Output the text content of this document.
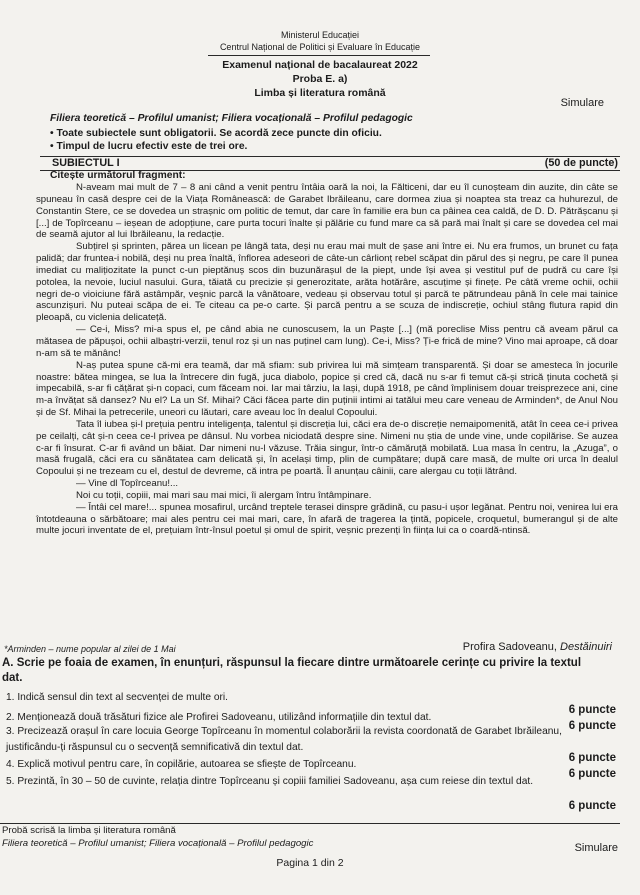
Ministerul Educației
Centrul Național de Politici și Evaluare în Educație
Examenul național de bacalaureat 2022
Proba E. a)
Limba și literatura română
Simulare
Filiera teoretică – Profilul umanist; Filiera vocațională – Profilul pedagogic
• Toate subiectele sunt obligatorii. Se acordă zece puncte din oficiu.
• Timpul de lucru efectiv este de trei ore.
SUBIECTUL I	(50 de puncte)
Citește următorul fragment:

N-aveam mai mult de 7 – 8 ani când a venit pentru întâia oară la noi, la Fălticeni, dar eu îl cunoșteam din auzite, din câte se spuneau în casă despre cei de la Viața Românească: de Garabet Ibrăileanu, care dormea ziua și noaptea sta treaz ca huhurezul, de Constantin Stere, ce se dovedea un strașnic om politic de temut, dar care în familie era bun ca pâinea cea caldă, de D. D. Pătrășcanu și [...] de Topîrceanu – ieșean de adopțiune, care purta tocuri înalte și pălărie cu fund mare ca să pară mai înalt și care se dovedea cel mai de seamă ajutor al lui Ibrăileanu, la redacție.

Subțirel și sprinten, părea un licean pe lângă tata, deși nu erau mai mult de șase ani între ei. Nu era frumos, un brunet cu fața palidă; dar fruntea-i nobilă, deși nu prea înaltă, înflorea adeseori de câte-un cârlionț rebel scăpat din părul des și negru, pe care îl punea imediat cu malițiozitate la punct c-un pieptănuș scos din buzunărașul de la piept, unde își avea și vestitul puf de pudră cu care își potolea, la nevoie, luciul nasului. Gura, tăiată cu precizie și generozitate, arăta hotărâre, ascuțime și finețe. Pe câtă vreme ochii, ochii negri de-o vioiciune fără astâmpăr, veșnic parcă la vânătoare, vedeau și observau totul și parcă te pătrundeau până în cele mai tainice ascunzișuri. Nu puteai scăpa de ei. Te citeau ca pe-o carte. Și parcă pentru a se scuza de indiscreție, ochiul stâng flutura rapid din pleoapă, cu viclenia delicateță.

— Ce-i, Miss? mi-a spus el, pe când abia ne cunoscusem, la un Paște [...] (mă poreclise Miss pentru că aveam părul ca mătasea de păpușoi, ochii albaștri-verzii, tenul roz și un nas puținel cam lung). Ce-i, Miss? Ți-e frică de mine? Vino mai aproape, că doar n-am să te mănânc!

N-aș putea spune că-mi era teamă, dar mă sfiam: sub privirea lui mă simțeam transparentă. Și doar se amesteca în jocurile noastre: bătea mingea, se lua la întrecere din fugă, juca diabolo, popice și cred că, dacă nu s-ar fi temut că-și strică ținuta cochetă și impecabilă, s-ar fi cățărat și-n copaci, cum făceam noi. Iar mai târziu, la Iași, după 1918, pe când împlinisem douar treisprezece ani, cine m-a învățat să dansez? Nu el? La un Sf. Mihai? Căci făcea parte din puținii intimi ai tatălui meu care veneau de Arminden*, de Anul Nou și de Sf. Mihai la petrecerile, uneori cu lăutari, care aveau loc în dealul Copoului.

Tata îl iubea și-l prețuia pentru inteligența, talentul și discreția lui, căci era de-o discreție nemaipomenită, atât în ceea ce-i privea pe ceilalți, cât și-n ceea ce-l privea pe dânsul. Nu vorbea niciodată despre sine. Nimeni nu știa de unde vine, unde copilărise. Se auzea c-ar fi însurat. C-ar fi având un băiat. Dar nimeni nu-l văzuse. Trăia singur, într-o cămăruță mobilată. Lua masa în centru, la „Azuga”, o masă frugală, căci era cu sănătatea cam delicată și, în același timp, plin de cumpătare; după care masă, de multe ori urca în dealul Copoului și ne trezeam cu el, destul de devreme, că intra pe poartă. Îl anunțau câinii, care alergau cu toții lătrând.

— Vine dl Topîrceanu!...

Noi cu toții, copiii, mai mari sau mai mici, îi alergam întru întâmpinare.

— Întâi cel mare!... spunea mosafirul, urcând treptele terasei dinspre grădină, cu pasu-i ușor legănat. Pentru noi, venirea lui era întotdeauna o sărbătoare; mai ales pentru cei mai mari, care, în afară de tragerea la țintă, popicele, croquetul, bumerangul și de alte multe jocuri inventate de el, prețuiam într-însul poetul și omul de spirit, veșnic prezenți în ființa lui ca o coardă-ntinsă.

*Arminden – nume popular al zilei de 1 Mai	Profira Sadoveanu, Destăinuiri
A. Scrie pe foaia de examen, în enunțuri, răspunsul la fiecare dintre următoarele cerințe cu privire la textul dat.
1. Indică sensul din text al secvenței de multe ori.
6 puncte
2. Menționează două trăsături fizice ale Profirei Sadoveanu, utilizând informațiile din textul dat.
6 puncte
3. Precizează orașul în care locuia George Topîrceanu în momentul colaborării la revista coordonată de Garabet Ibrăileanu, justificându-ți răspunsul cu o secvență semnificativă din textul dat.
6 puncte
4. Explică motivul pentru care, în copilărie, autoarea se sfiește de Topîrceanu.
6 puncte
5. Prezintă, în 30 – 50 de cuvinte, relația dintre Topîrceanu și copiii familiei Sadoveanu, așa cum reiese din textul dat.
6 puncte
Probă scrisă la limba și literatura română
Filiera teoretică – Profilul umanist; Filiera vocațională – Profilul pedagogic	Simulare
Pagina 1 din 2
